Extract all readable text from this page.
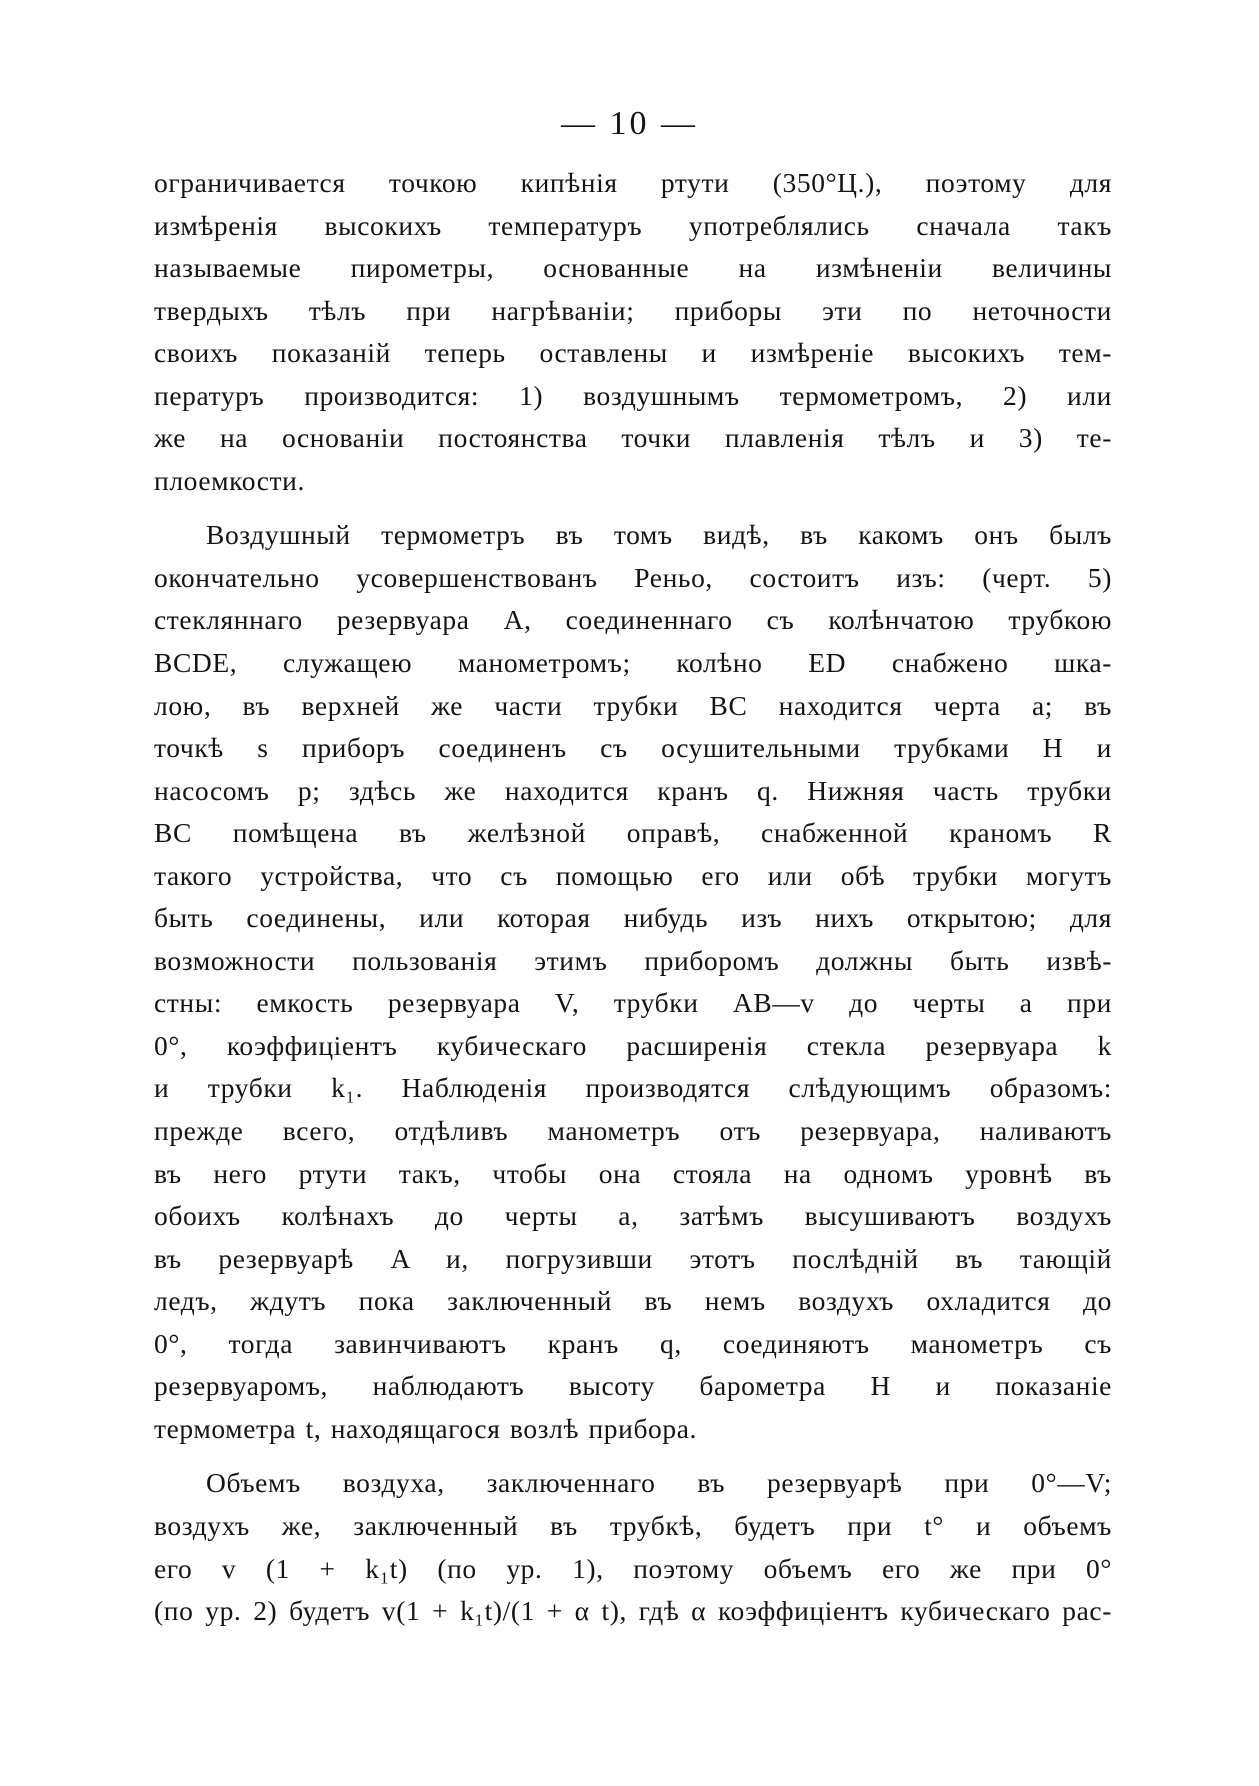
— 10 —
ограничивается точкою кипѣнія ртути (350°Ц.), поэтому для
измѣренія высокихъ температуръ употреблялись сначала такъ
называемые пирометры, основанные на измѣненіи величины
твердыхъ тѣлъ при нагрѣваніи; приборы эти по неточности
своихъ показаній теперь оставлены и измѣреніе высокихъ тем-
пературъ производится: 1) воздушнымъ термометромъ, 2) или
же на основаніи постоянства точки плавленія тѣлъ и 3) те-
плоемкости.
Воздушный термометръ въ томъ видѣ, въ какомъ онъ былъ
окончательно усовершенствованъ Реньо, состоитъ изъ: (черт. 5)
стекляннаго резервуара A, соединеннаго съ колѣнчатою трубкою
BCDE, служащею манометромъ; колѣно ED снабжено шка-
лою, въ верхней же части трубки BC находится черта a; въ
точкѣ s приборъ соединенъ съ осушительными трубками H и
насосомъ p; здѣсь же находится кранъ q. Нижняя часть трубки
BC помѣщена въ желѣзной оправѣ, снабженной краномъ R
такого устройства, что съ помощью его или обѣ трубки могутъ
быть соединены, или которая нибудь изъ нихъ открытою; для
возможности пользованія этимъ приборомъ должны быть извѣ-
стны: емкость резервуара V, трубки AB—v до черты a при
0°, коэффиціентъ кубическаго расширенія стекла резервуара k
и трубки k₁. Наблюденія производятся слѣдующимъ образомъ:
прежде всего, отдѣливъ манометръ отъ резервуара, наливаютъ
въ него ртути такъ, чтобы она стояла на одномъ уровнѣ въ
обоихъ колѣнахъ до черты a, затѣмъ высушиваютъ воздухъ
въ резервуарѣ A и, погрузивши этотъ послѣдній въ тающій
ледъ, ждутъ пока заключенный въ немъ воздухъ охладится до
0°, тогда завинчиваютъ кранъ q, соединяютъ манометръ съ
резервуаромъ, наблюдаютъ высоту барометра H и показаніе
термометра t, находящагося возлѣ прибора.
Объемъ воздуха, заключеннаго въ резервуарѣ при 0°—V;
воздухъ же, заключенный въ трубкѣ, будетъ при t° и объемъ
его v (1 + k₁t) (по ур. 1), поэтому объемъ его же при 0°
(по ур. 2) будетъ v(1 + k₁t)/(1 + α t), гдѣ α коэффиціентъ кубическаго рас-
